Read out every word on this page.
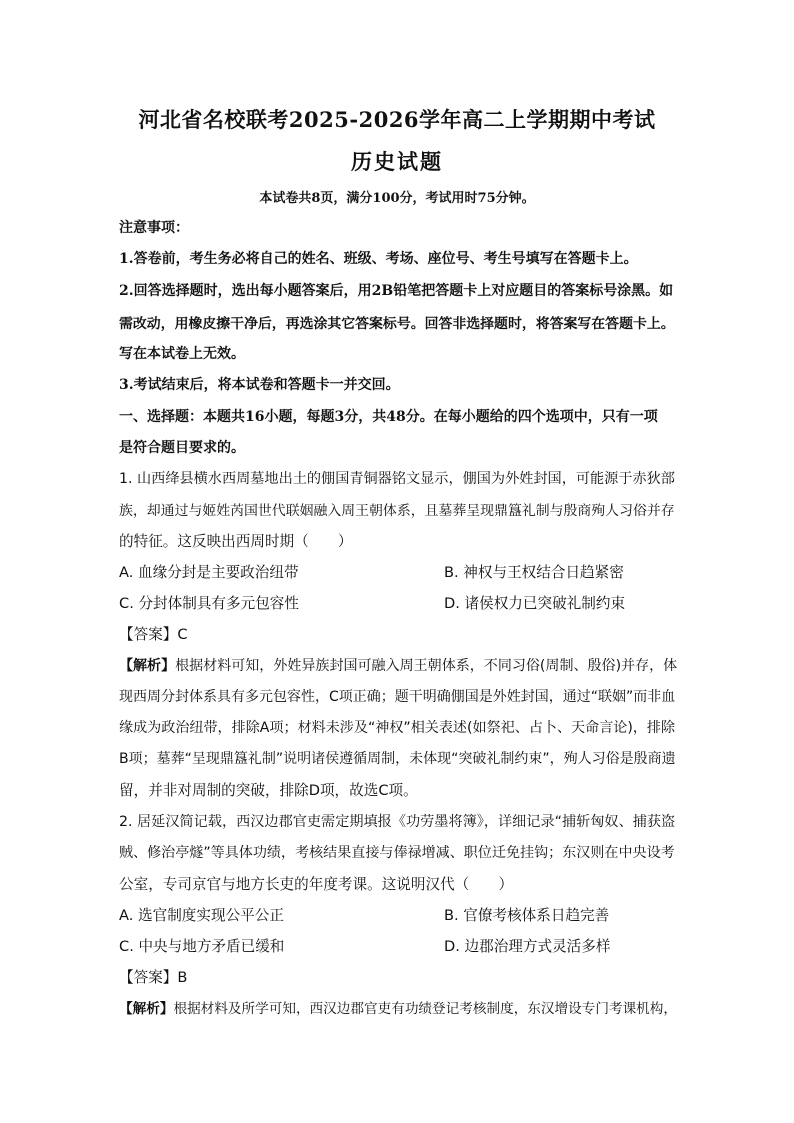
河北省名校联考2025-2026学年高二上学期期中考试
历史试题
本试卷共8页，满分100分，考试用时75分钟。
注意事项：
1.答卷前，考生务必将自己的姓名、班级、考场、座位号、考生号填写在答题卡上。
2.回答选择题时，选出每小题答案后，用2B铅笔把答题卡上对应题目的答案标号涂黑。如
需改动，用橡皮擦干净后，再选涂其它答案标号。回答非选择题时，将答案写在答题卡上。
写在本试卷上无效。
3.考试结束后，将本试卷和答题卡一并交回。
一、选择题：本题共16小题，每题3分，共48分。在每小题给的四个选项中，只有一项
是符合题目要求的。
1. 山西绛县横水西周墓地出土的倗国青铜器铭文显示，倗国为外姓封国，可能源于赤狄部
族，却通过与姬姓芮国世代联姻融入周王朝体系，且墓葬呈现鼎簋礼制与殷商殉人习俗并存
的特征。这反映出西周时期（　　）
A. 血缘分封是主要政治纽带	B. 神权与王权结合日趋紧密
C. 分封体制具有多元包容性	D. 诸侯权力已突破礼制约束
【答案】C
【解析】根据材料可知，外姓异族封国可融入周王朝体系，不同习俗(周制、殷俗)并存，体
现西周分封体系具有多元包容性，C项正确；题干明确倗国是外姓封国，通过“联姻”而非血
缘成为政治纽带，排除A项；材料未涉及“神权”相关表述(如祭祀、占卜、天命言论)，排除
B项；墓葬“呈现鼎簋礼制”说明诸侯遵循周制，未体现“突破礼制约束”，殉人习俗是殷商遗
留，并非对周制的突破，排除D项，故选C项。
2. 居延汉简记载，西汉边郡官吏需定期填报《功劳墨将簿》，详细记录“捕斩匈奴、捕获盗
贼、修治亭燧”等具体功绩，考核结果直接与俸禄增减、职位迁免挂钩；东汉则在中央设考
公室，专司京官与地方长吏的年度考课。这说明汉代（　　）
A. 选官制度实现公平公正	B. 官僚考核体系日趋完善
C. 中央与地方矛盾已缓和	D. 边郡治理方式灵活多样
【答案】B
【解析】根据材料及所学可知，西汉边郡官吏有功绩登记考核制度，东汉增设专门考课机构，
